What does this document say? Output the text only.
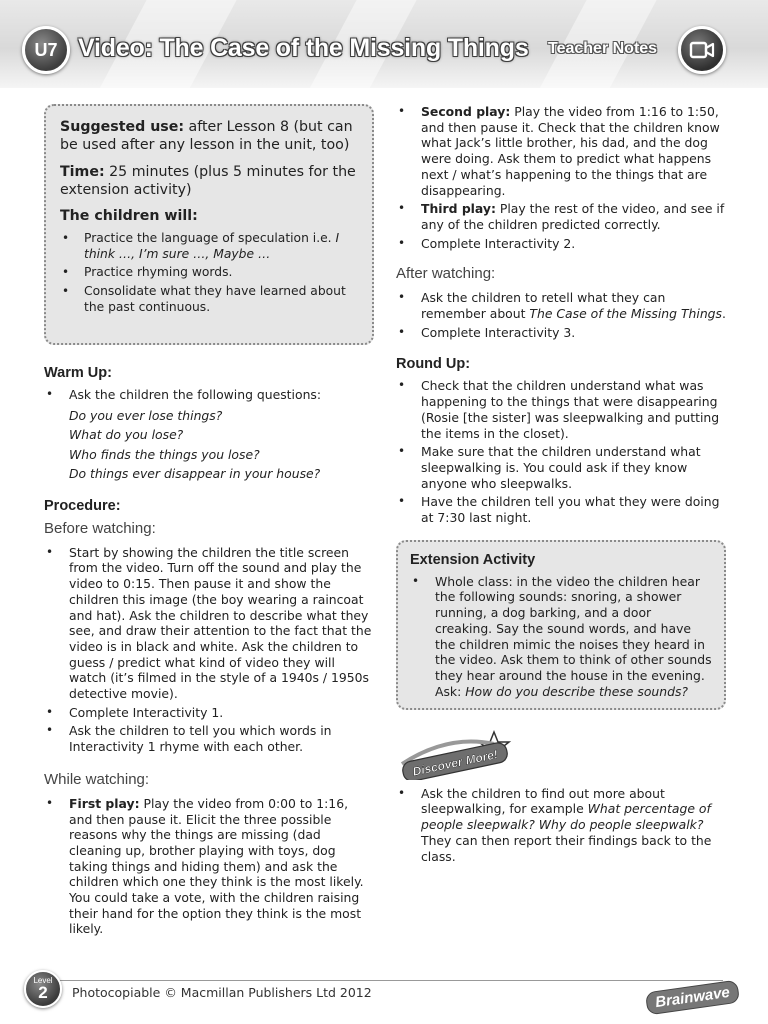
U7 Video: The Case of the Missing Things Teacher Notes

Suggested use: after Lesson 8 (but can be used after any lesson in the unit, too)

Time: 25 minutes (plus 5 minutes for the extension activity)

The children will:
• Practice the language of speculation i.e. I think …, I’m sure …, Maybe …
• Practice rhyming words.
• Consolidate what they have learned about the past continuous.
Warm Up:
• Ask the children the following questions:
Do you ever lose things?
What do you lose?
Who finds the things you lose?
Do things ever disappear in your house?
Procedure:
Before watching:
• Start by showing the children the title screen from the video. Turn off the sound and play the video to 0:15. Then pause it and show the children this image (the boy wearing a raincoat and hat). Ask the children to describe what they see, and draw their attention to the fact that the video is in black and white. Ask the children to guess / predict what kind of video they will watch (it’s filmed in the style of a 1940s / 1950s detective movie).
• Complete Interactivity 1.
• Ask the children to tell you which words in Interactivity 1 rhyme with each other.
While watching:
• First play: Play the video from 0:00 to 1:16, and then pause it. Elicit the three possible reasons why the things are missing (dad cleaning up, brother playing with toys, dog taking things and hiding them) and ask the children which one they think is the most likely. You could take a vote, with the children raising their hand for the option they think is the most likely.
• Second play: Play the video from 1:16 to 1:50, and then pause it. Check that the children know what Jack’s little brother, his dad, and the dog were doing. Ask them to predict what happens next / what’s happening to the things that are disappearing.
• Third play: Play the rest of the video, and see if any of the children predicted correctly.
• Complete Interactivity 2.
After watching:
• Ask the children to retell what they can remember about The Case of the Missing Things.
• Complete Interactivity 3.
Round Up:
• Check that the children understand what was happening to the things that were disappearing (Rosie [the sister] was sleepwalking and putting the items in the closet).
• Make sure that the children understand what sleepwalking is. You could ask if they know anyone who sleepwalks.
• Have the children tell you what they were doing at 7:30 last night.
Extension Activity
• Whole class: in the video the children hear the following sounds: snoring, a shower running, a dog barking, and a door creaking. Say the sound words, and have the children mimic the noises they heard in the video. Ask them to think of other sounds they hear around the house in the evening. Ask: How do you describe these sounds?
Discover More!
• Ask the children to find out more about sleepwalking, for example What percentage of people sleepwalk? Why do people sleepwalk? They can then report their findings back to the class.
Level
2	Photocopiable © Macmillan Publishers Ltd 2012	Brainwave
